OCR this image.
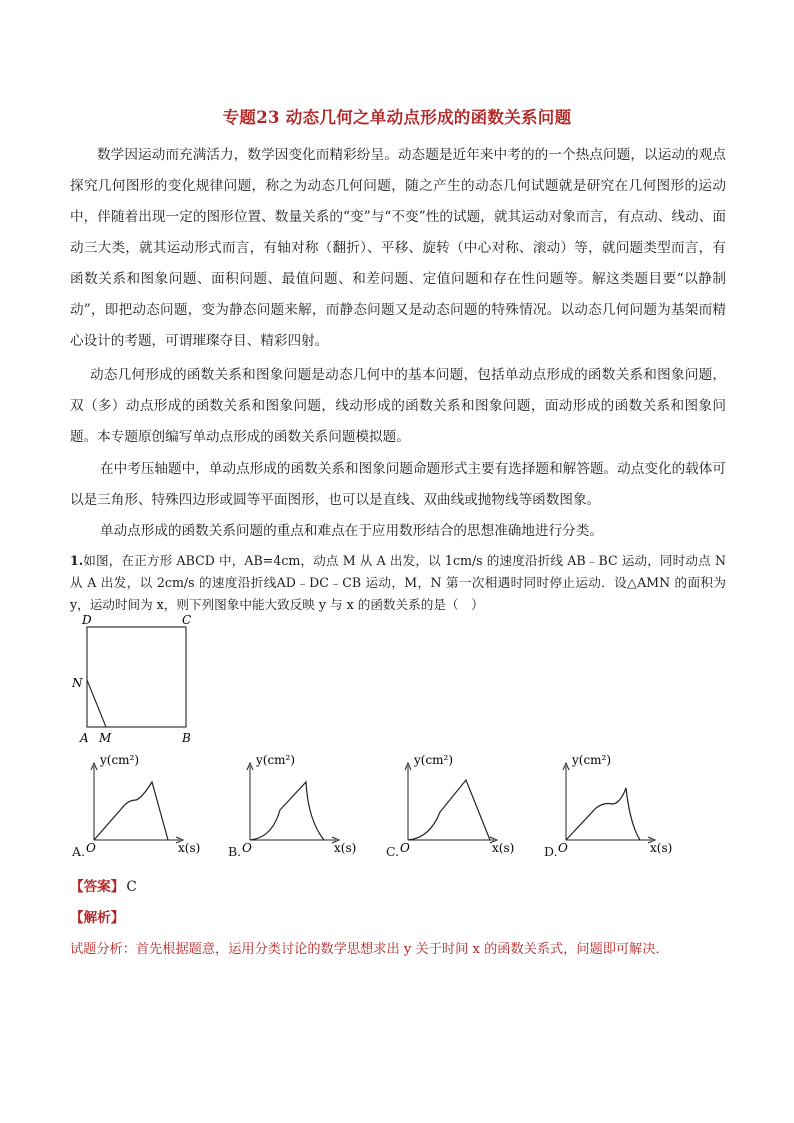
专题23 动态几何之单动点形成的函数关系问题

数学因运动而充满活力，数学因变化而精彩纷呈。动态题是近年来中考的的一个热点问题，以运动的观点探究几何图形的变化规律问题，称之为动态几何问题，随之产生的动态几何试题就是研究在几何图形的运动中，伴随着出现一定的图形位置、数量关系的“变”与“不变”性的试题，就其运动对象而言，有点动、线动、面动三大类，就其运动形式而言，有轴对称（翻折）、平移、旋转（中心对称、滚动）等，就问题类型而言，有函数关系和图象问题、面积问题、最值问题、和差问题、定值问题和存在性问题等。解这类题目要“以静制动”，即把动态问题，变为静态问题来解，而静态问题又是动态问题的特殊情况。以动态几何问题为基架而精心设计的考题，可谓璀璨夺目、精彩四射。

动态几何形成的函数关系和图象问题是动态几何中的基本问题，包括单动点形成的函数关系和图象问题，双（多）动点形成的函数关系和图象问题，线动形成的函数关系和图象问题，面动形成的函数关系和图象问题。本专题原创编写单动点形成的函数关系问题模拟题。

在中考压轴题中，单动点形成的函数关系和图象问题命题形式主要有选择题和解答题。动点变化的载体可以是三角形、特殊四边形或圆等平面图形，也可以是直线、双曲线或抛物线等函数图象。

单动点形成的函数关系问题的重点和难点在于应用数形结合的思想准确地进行分类。

1.如图，在正方形 ABCD 中，AB=4cm，动点 M 从 A 出发，以 1cm/s 的速度沿折线 AB﹣BC 运动，同时动点 N 从 A 出发，以 2cm/s 的速度沿折线AD﹣DC﹣CB 运动，M，N 第一次相遇时同时停止运动．设△AMN 的面积为 y，运动时间为 x，则下列图象中能大致反映 y 与 x 的函数关系的是（　）

D	C
N
A M	B
y(cm²)
O	x(s)
A.
y(cm²)
O	x(s)
B.
y(cm²)
O	x(s)
C.
y(cm²)
O	x(s)
D.
【答案】 C
【解析】
试题分析：首先根据题意，运用分类讨论的数学思想求出 y 关于时间 x 的函数关系式，问题即可解决．
